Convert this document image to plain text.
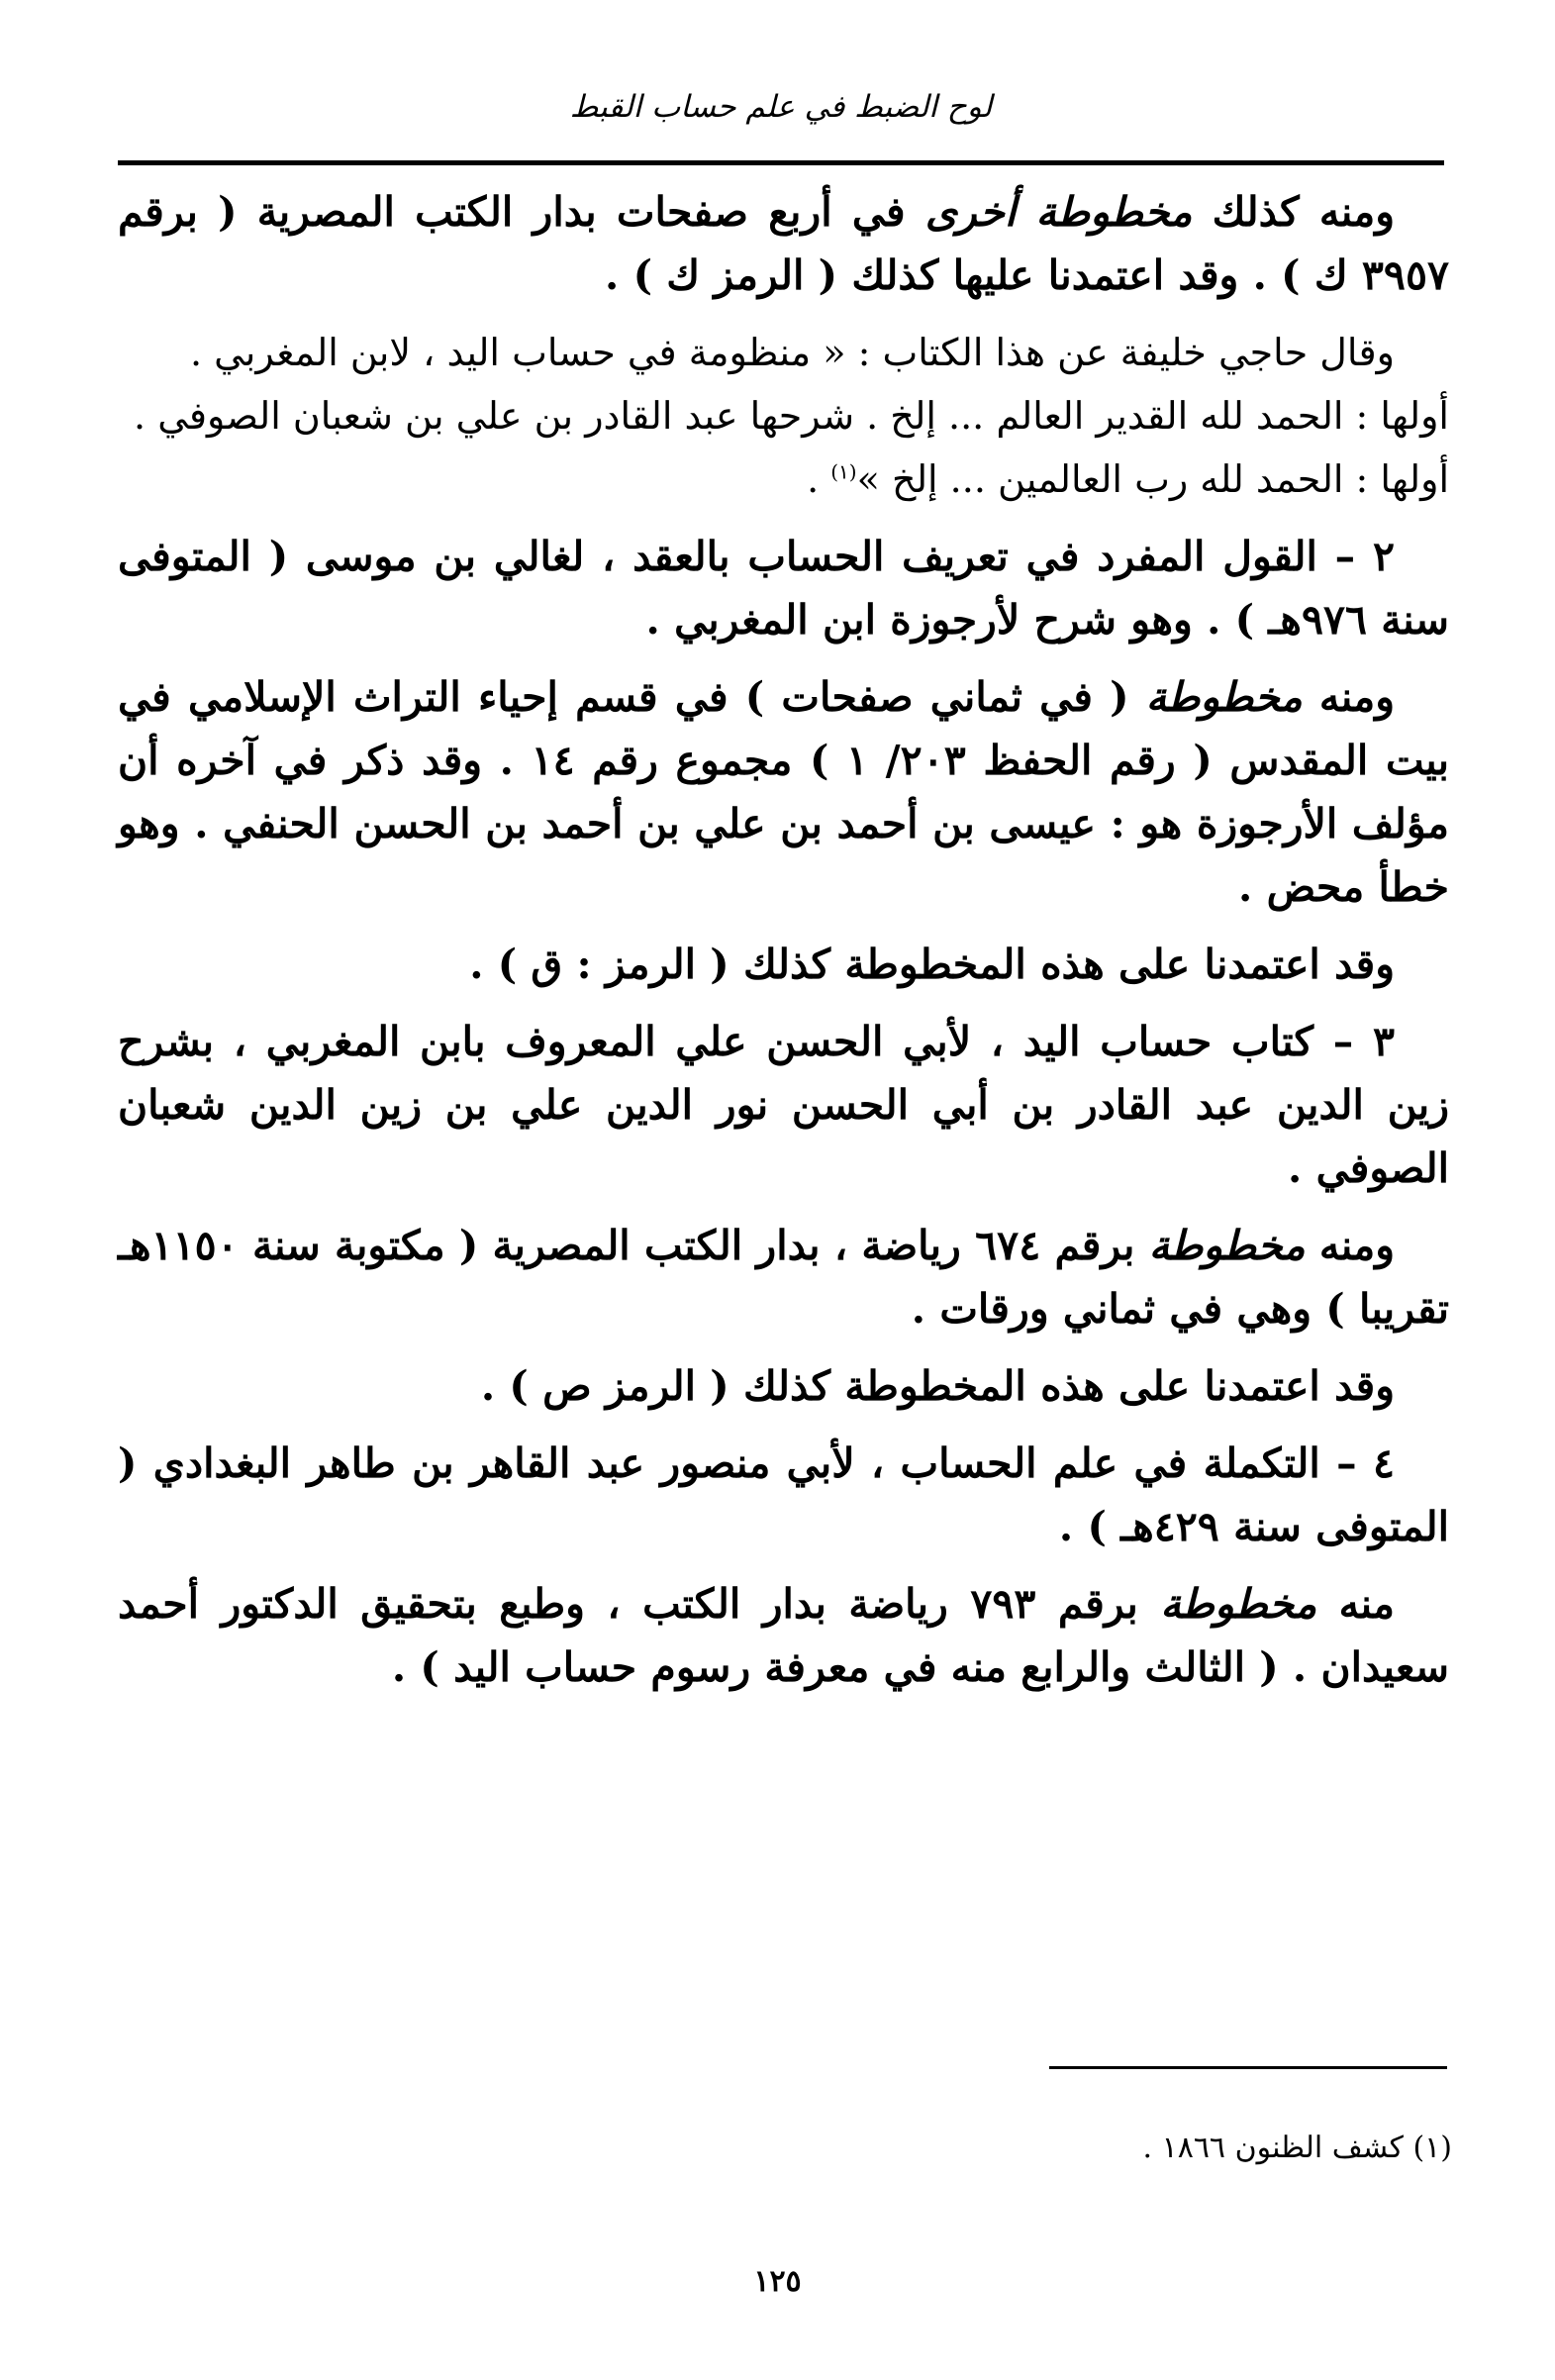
لوح الضبط في علم حساب القبط

ومنه كذلك مخطوطة أخرى في أربع صفحات بدار الكتب المصرية ( برقم ٣٩٥٧ ك ) . وقد اعتمدنا عليها كذلك ( الرمز ك ) .

وقال حاجي خليفة عن هذا الكتاب : « منظومة في حساب اليد ، لابن المغربي .
أولها : الحمد لله القدير العالم ... إلخ . شرحها عبد القادر بن علي بن شعبان الصوفي .
أولها : الحمد لله رب العالمين ... إلخ »$^{(١)}$ .

٢ – القول المفرد في تعريف الحساب بالعقد ، لغالي بن موسى ( المتوفى سنة ٩٧٦هـ ) . وهو شرح لأرجوزة ابن المغربي .

ومنه مخطوطة ( في ثماني صفحات ) في قسم إحياء التراث الإسلامي في بيت المقدس ( رقم الحفظ ٢٠٣/ ١ ) مجموع رقم ١٤ . وقد ذكر في آخره أن مؤلف الأرجوزة هو : عيسى بن أحمد بن علي بن أحمد بن الحسن الحنفي . وهو خطأ محض .

وقد اعتمدنا على هذه المخطوطة كذلك ( الرمز : ق ) .

٣ – كتاب حساب اليد ، لأبي الحسن علي المعروف بابن المغربي ، بشرح زين الدين عبد القادر بن أبي الحسن نور الدين علي بن زين الدين شعبان الصوفي .

ومنه مخطوطة برقم ٦٧٤ رياضة ، بدار الكتب المصرية ( مكتوبة سنة ١١٥٠هـ تقريبا ) وهي في ثماني ورقات .

وقد اعتمدنا على هذه المخطوطة كذلك ( الرمز ص ) .

٤ – التكملة في علم الحساب ، لأبي منصور عبد القاهر بن طاهر البغدادي ( المتوفى سنة ٤٢٩هـ ) .

منه مخطوطة برقم ٧٩٣ رياضة بدار الكتب ، وطبع بتحقيق الدكتور أحمد سعيدان . ( الثالث والرابع منه في معرفة رسوم حساب اليد ) .

(١) كشف الظنون ١٨٦٦ .
١٢٥
